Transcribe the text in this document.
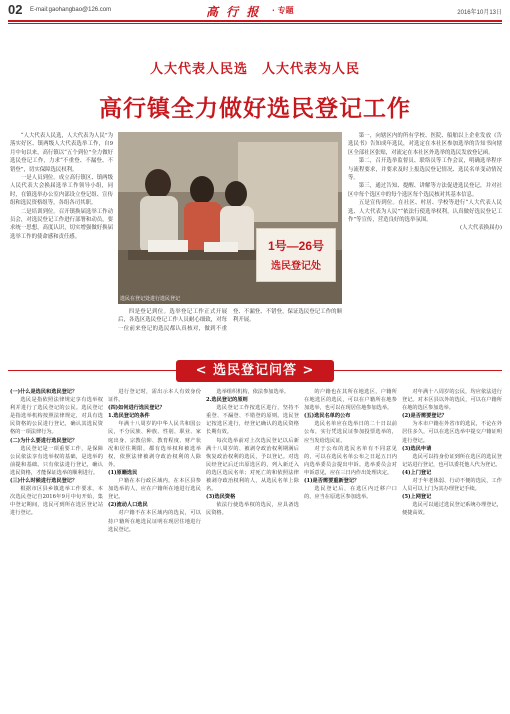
02 E-mail:gaohangbao@126.com	高 行 报 · 专题	2016年10月13日
人大代表人民选　人大代表为人民
高行镇全力做好选民登记工作

“人大代表人民选，人大代表为人民”为落实好区、镇两级人大代表选举工作，自9月中旬以来，高行镇以“五个到位”全力做好选民登记工作，力求“不重登、不漏登、不错登”，切实保障选民权利。

一是人员到位。成立高行镇区、镇两级人民代表大会换届选举工作领导小组，同时，在镇选举办公室内部设立登记组、宣传组和选民资格组等，各组各司其职。

二是培训到位。召开镇换届选举工作动员会，对选民登记工作进行部署和动员，要求统一思想，高度认识，切实增强做好换届选举工作的使命感和责任感。

1号—26号
选民登记处
选民在登记处进行选民登记

四是登记到位。选举登记工作正式开展后，各选区选民登记工作人员耐心细致，对每一位前来登记的选民都认真核对，做到不重登、不漏登、不错登，保证选民登记工作的顺利开展。

第一，向辖区内的所有学校、医院、船舶以上企业发放《告选民书》告知成年选民，对选定在本社区参加选举的告知书向辖区全部社区张贴，对流定在本社区外选举的选民发放登记函。

第二，召开选举监督员、联络员等工作会议，明确选举程序与流程要求，并要求及时上报选民登记情况、选民名单变动情况等。

第三，通过告知、提醒、讲解等方法促进选民登记，并对社区中每个选区中的每个选区每个选民核对其基本信息。

五是宣传到位。在社区、村居、学校等进行“人大代表人民选、人大代表为人民”“依法行使选举权利，认真做好选民登记工作”等宣传，营造良好的选举氛围。

(人大代表换届办)
< 选民登记问答 >

(一)什么是选民和选民登记？

选民是指依照法律规定享有选举权利并进行了选民登记的公民。选民登记是指选举机构按照法律规定，对具有选民资格的公民进行登记，确认其选民资格的一项法律行为。

(二)为什么要进行选民登记？

选民登记是一项重要工作，是保障公民依法享有选举权的基础，是选举的前提和基础。只有依法进行登记，确认选民资格，才能保证选举的顺利进行。

(三)什么时候进行选民登记？

根据市区县乡镇选举工作要求，本次选民登记自2016年9月中旬开始，集中登记期间，选民可到所在选区登记站进行登记。

进行登记时，需出示本人有效身份证件。

(四)如何进行选民登记？

1.选民登记的条件

年满十八周岁的中华人民共和国公民，不分民族、种族、性别、职业、家庭出身、宗教信仰、教育程度、财产状况和居住期限，都有选举权和被选举权，依照法律被剥夺政治权利的人除外。

(1)原籍选民

户籍在本行政区域内，在本区县参加选举的人，应在户籍所在地进行选民登记。

(2)流动人口选民

对户籍不在本区域内的选民，可以持户籍所在地选民证明在现居住地进行选民登记。

选举组织机构，依法参加选举。

2.选民登记的原则

选民登记工作按选区进行，坚持不重登、不漏登、不错登的原则。选民登记按选区进行，经登记确认的选民资格长期有效。

每次选举前对上次选民登记以后新满十八周岁的、被剥夺政治权利期满后恢复政治权利的选民，予以登记。对选民经登记后迁出原选区的，列入新迁入的选区选民名单；对死亡的和依照法律被剥夺政治权利的人，从选民名单上除名。

(3)选民资格

依法行使选举权的选民，应具备选民资格。

的户籍也在其所在地选区，户籍所在地选区的选民，可以在户籍所在地参加选举，也可以在现居住地参加选举。

(五)选民名单的公布

选民名单应在选举日的二十日以前公布，实行凭选民证参加投票选举的，应当发给选民证。

对于公布的选民名单有不同意见的，可以在选民名单公布之日起五日内向选举委员会提出申诉。选举委员会对申诉意见，应在三日内作出处理决定。

(1)是否需要重新登记？

选民登记后，在选区内迁移户口的，应当在原选区参加选举。

对年满十八周岁的公民，均应依法进行登记。对本区县以外的选民，可以在户籍所在地的选区参加选举。

(2)是否需要登记？

为本市户籍在外省市的选民，不论在外居住多久，可以在选区选举中提交户籍证明进行登记。

(3)选民申请

选民可以持身份证到所在选区的选民登记站进行登记，也可以委托他人代为登记。

(4)上门登记

对于年老体弱、行动不便的选民，工作人员可以上门为其办理登记手续。

(5)上网登记

选民可以通过选民登记系统办理登记，便捷高效。
